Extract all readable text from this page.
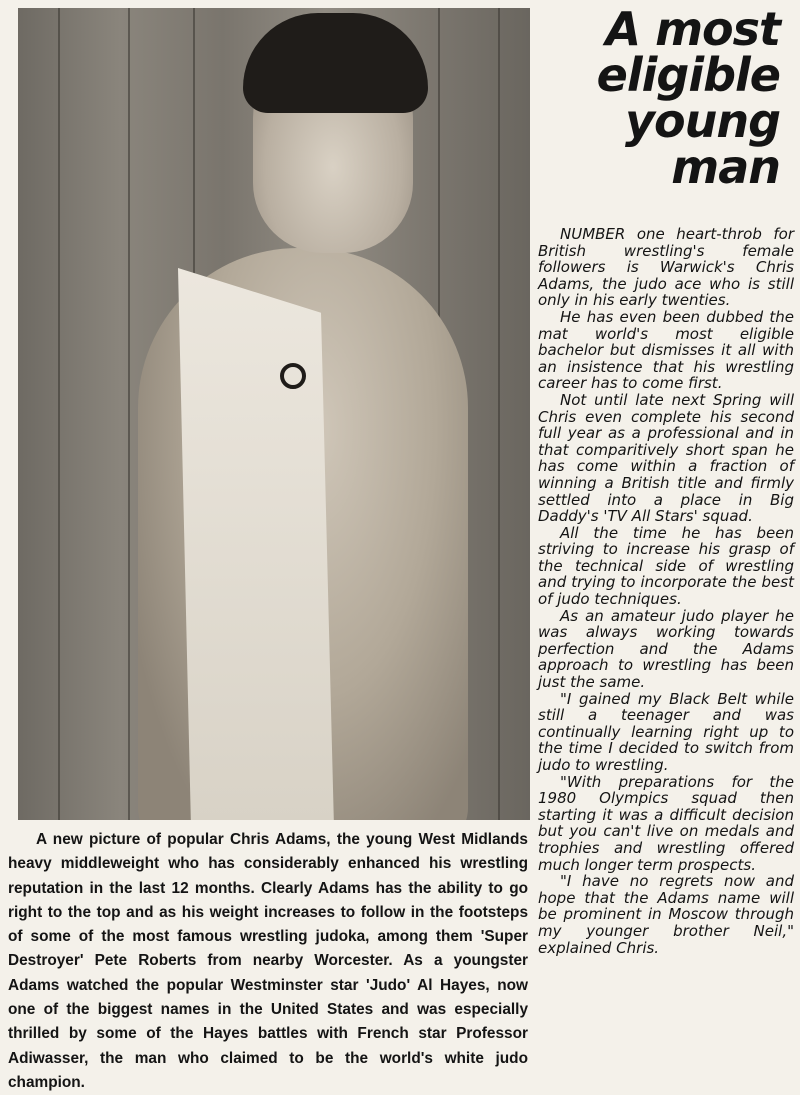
A most
eligible
young
man

NUMBER one heart-throb for British wrestling's female followers is Warwick's Chris Adams, the judo ace who is still only in his early twenties.

He has even been dubbed the mat world's most eligible bachelor but dismisses it all with an insistence that his wrestling career has to come first.

Not until late next Spring will Chris even complete his second full year as a professional and in that comparitively short span he has come within a fraction of winning a British title and firmly settled into a place in Big Daddy's 'TV All Stars' squad.

All the time he has been striving to increase his grasp of the technical side of wrestling and trying to incorporate the best of judo techniques.

As an amateur judo player he was always working towards perfection and the Adams approach to wrestling has been just the same.

"I gained my Black Belt while still a teenager and was continually learning right up to the time I decided to switch from judo to wrestling.

"With preparations for the 1980 Olympics squad then starting it was a difficult decision but you can't live on medals and trophies and wrestling offered much longer term prospects.

"I have no regrets now and hope that the Adams name will be prominent in Moscow through my younger brother Neil," explained Chris.

A new picture of popular Chris Adams, the young West Midlands heavy middleweight who has considerably enhanced his wrestling reputation in the last 12 months. Clearly Adams has the ability to go right to the top and as his weight increases to follow in the footsteps of some of the most famous wrestling judoka, among them 'Super Destroyer' Pete Roberts from nearby Worcester. As a youngster Adams watched the popular Westminster star 'Judo' Al Hayes, now one of the biggest names in the United States and was especially thrilled by some of the Hayes battles with French star Professor Adiwasser, the man who claimed to be the world's white judo champion.
